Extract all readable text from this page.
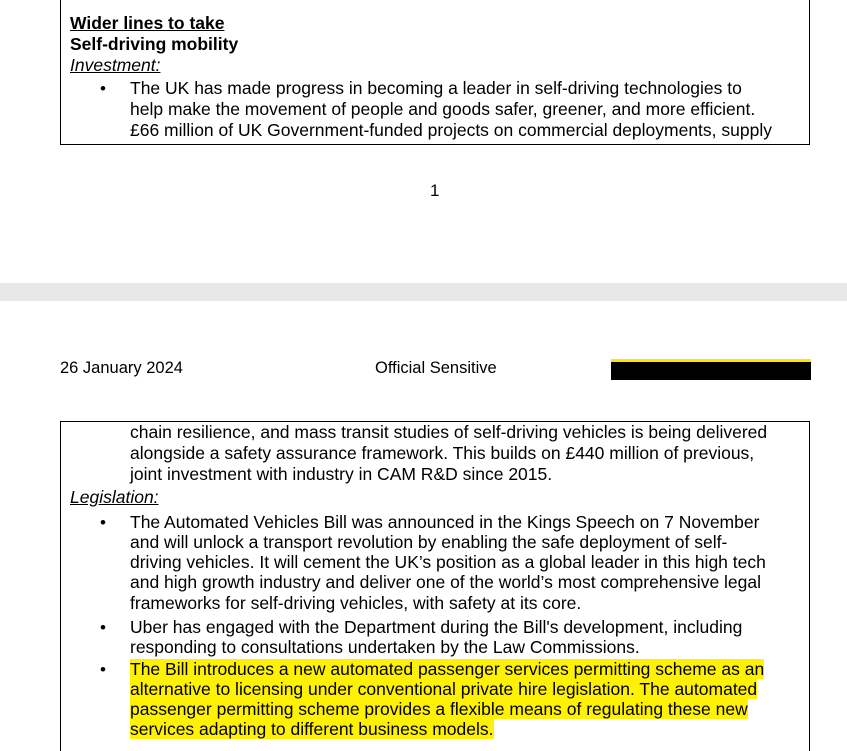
Wider lines to take
Self-driving mobility
Investment:
• The UK has made progress in becoming a leader in self-driving technologies to
help make the movement of people and goods safer, greener, and more efficient.
£66 million of UK Government-funded projects on commercial deployments, supply
1
26 January 2024	Official Sensitive
chain resilience, and mass transit studies of self-driving vehicles is being delivered
alongside a safety assurance framework. This builds on £440 million of previous,
joint investment with industry in CAM R&D since 2015.
Legislation:
• The Automated Vehicles Bill was announced in the Kings Speech on 7 November
and will unlock a transport revolution by enabling the safe deployment of self-
driving vehicles. It will cement the UK’s position as a global leader in this high tech
and high growth industry and deliver one of the world’s most comprehensive legal
frameworks for self-driving vehicles, with safety at its core.
• Uber has engaged with the Department during the Bill's development, including
responding to consultations undertaken by the Law Commissions.
• The Bill introduces a new automated passenger services permitting scheme as an
alternative to licensing under conventional private hire legislation. The automated
passenger permitting scheme provides a flexible means of regulating these new
services adapting to different business models.
